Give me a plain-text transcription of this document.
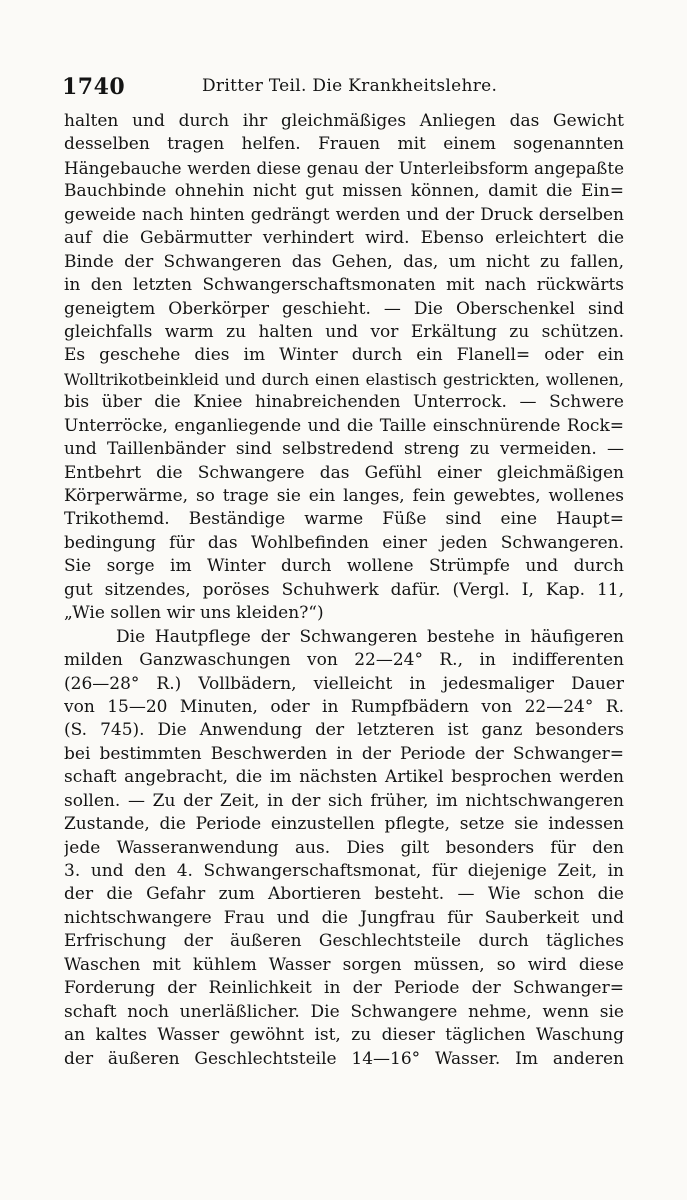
1740	Dritter Teil. Die Krankheitslehre.
halten und durch ihr gleichmäßiges Anliegen das Gewicht
desselben tragen helfen. Frauen mit einem sogenannten
Hängebauche werden diese genau der Unterleibsform angepaßte
Bauchbinde ohnehin nicht gut missen können, damit die Ein=
geweide nach hinten gedrängt werden und der Druck derselben
auf die Gebärmutter verhindert wird. Ebenso erleichtert die
Binde der Schwangeren das Gehen, das, um nicht zu fallen,
in den letzten Schwangerschaftsmonaten mit nach rückwärts
geneigtem Oberkörper geschieht. — Die Oberschenkel sind
gleichfalls warm zu halten und vor Erkältung zu schützen.
Es geschehe dies im Winter durch ein Flanell= oder ein
Wolltrikotbeinkleid und durch einen elastisch gestrickten, wollenen,
bis über die Kniee hinabreichenden Unterrock. — Schwere
Unterröcke, enganliegende und die Taille einschnürende Rock=
und Taillenbänder sind selbstredend streng zu vermeiden. —
Entbehrt die Schwangere das Gefühl einer gleichmäßigen
Körperwärme, so trage sie ein langes, fein gewebtes, wollenes
Trikothemd. Beständige warme Füße sind eine Haupt=
bedingung für das Wohlbefinden einer jeden Schwangeren.
Sie sorge im Winter durch wollene Strümpfe und durch
gut sitzendes, poröses Schuhwerk dafür. (Vergl. I, Kap. 11,
„Wie sollen wir uns kleiden?“)
Die Hautpflege der Schwangeren bestehe in häufigeren
milden Ganzwaschungen von 22—24° R., in indifferenten
(26—28° R.) Vollbädern, vielleicht in jedesmaliger Dauer
von 15—20 Minuten, oder in Rumpfbädern von 22—24° R.
(S. 745). Die Anwendung der letzteren ist ganz besonders
bei bestimmten Beschwerden in der Periode der Schwanger=
schaft angebracht, die im nächsten Artikel besprochen werden
sollen. — Zu der Zeit, in der sich früher, im nichtschwangeren
Zustande, die Periode einzustellen pflegte, setze sie indessen
jede Wasseranwendung aus. Dies gilt besonders für den
3. und den 4. Schwangerschaftsmonat, für diejenige Zeit, in
der die Gefahr zum Abortieren besteht. — Wie schon die
nichtschwangere Frau und die Jungfrau für Sauberkeit und
Erfrischung der äußeren Geschlechtsteile durch tägliches
Waschen mit kühlem Wasser sorgen müssen, so wird diese
Forderung der Reinlichkeit in der Periode der Schwanger=
schaft noch unerläßlicher. Die Schwangere nehme, wenn sie
an kaltes Wasser gewöhnt ist, zu dieser täglichen Waschung
der äußeren Geschlechtsteile 14—16° Wasser. Im anderen
